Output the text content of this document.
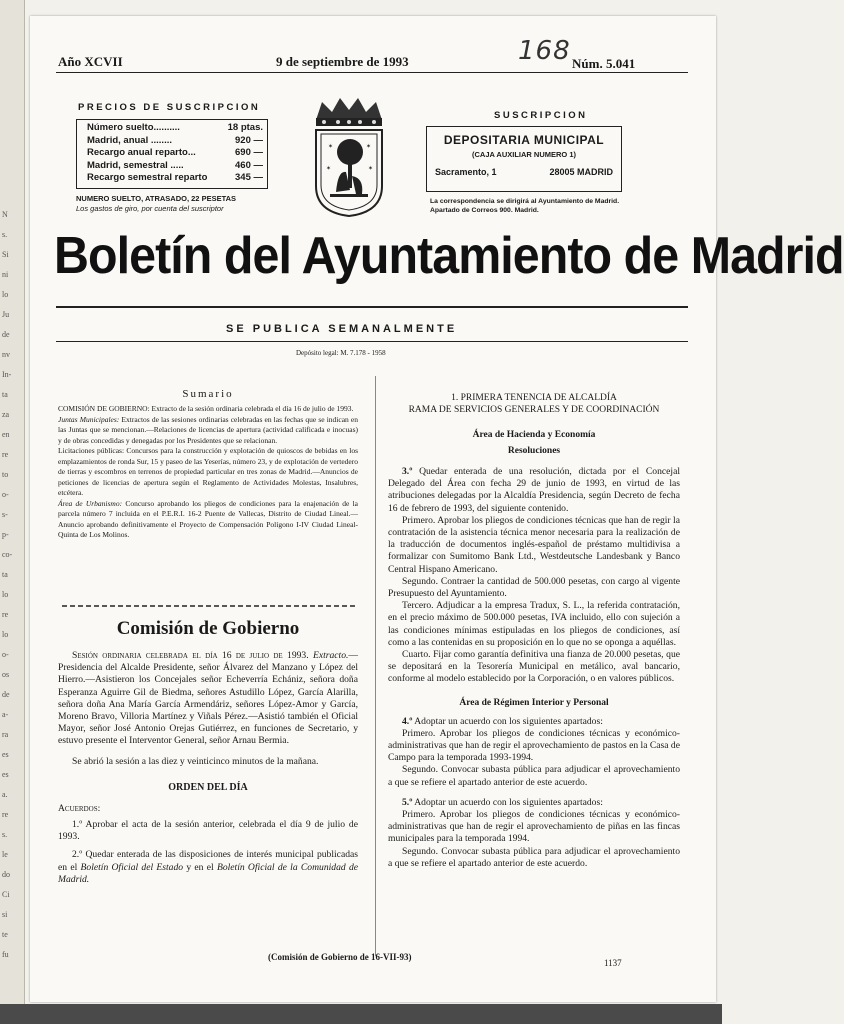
Año XCVII	9 de septiembre de 1993	168 Núm. 5.041
PRECIOS DE SUSCRIPCION
Número suelto..........	18 ptas.
Madrid, anual ........	920 —
Recargo anual reparto...	690 —
Madrid, semestral .....	460 —
Recargo semestral reparto	345 —
NUMERO SUELTO, ATRASADO, 22 PESETAS
Los gastos de giro, por cuenta del suscriptor
✶	✶
✶	✶
SUSCRIPCION
DEPOSITARIA MUNICIPAL
(CAJA AUXILIAR NUMERO 1)
Sacramento, 1	28005 MADRID
La correspondencia se dirigirá al Ayuntamiento de Madrid. Apartado de Correos 900. Madrid.
Boletín del Ayuntamiento de Madrid
SE PUBLICA SEMANALMENTE
Depósito legal: M. 7.178 - 1958
Sumario
COMISIÓN DE GOBIERNO: Extracto de la sesión ordinaria celebrada el día 16 de julio de 1993.
Juntas Municipales: Extractos de las sesiones ordinarias celebradas en las fechas que se indican en las Juntas que se mencionan.—Relaciones de licencias de apertura (actividad calificada e inocuas) y de obras concedidas y denegadas por los Presidentes que se relacionan.
Licitaciones públicas: Concursos para la construcción y explotación de quioscos de bebidas en los emplazamientos de ronda Sur, 15 y paseo de las Yeserías, número 23, y de explotación de vertedero de tierras y escombros en terrenos de propiedad particular en tres zonas de Madrid.—Anuncios de peticiones de licencias de apertura según el Reglamento de Actividades Molestas, Insalubres, etcétera.
Área de Urbanismo: Concurso aprobando los pliegos de condiciones para la enajenación de la parcela número 7 incluida en el P.E.R.I. 16-2 Puente de Vallecas, Distrito de Ciudad Lineal.—Anuncio aprobando definitivamente el Proyecto de Compensación Polígono I-IV Ciudad Lineal-Quinta de Los Molinos.
Comisión de Gobierno

Sesión ordinaria celebrada el día 16 de julio de 1993. Extracto.—Presidencia del Alcalde Presidente, señor Álvarez del Manzano y López del Hierro.—Asistieron los Concejales señor Echeverría Echániz, señora doña Esperanza Aguirre Gil de Biedma, señores Astudillo López, García Alarilla, señora doña Ana María García Armendáriz, señores López-Amor y García, Moreno Bravo, Villoria Martínez y Viñals Pérez.—Asistió también el Oficial Mayor, señor José Antonio Orejas Gutiérrez, en funciones de Secretario, y estuvo presente el Interventor General, señor Arnau Bermia.

Se abrió la sesión a las diez y veinticinco minutos de la mañana.

ORDEN DEL DÍA

Acuerdos:

1.º Aprobar el acta de la sesión anterior, celebrada el día 9 de julio de 1993.

2.º Quedar enterada de las disposiciones de interés municipal publicadas en el Boletín Oficial del Estado y en el Boletín Oficial de la Comunidad de Madrid.

1. PRIMERA TENENCIA DE ALCALDÍA
RAMA DE SERVICIOS GENERALES Y DE COORDINACIÓN
Área de Hacienda y Economía
Resoluciones

3.º Quedar enterada de una resolución, dictada por el Concejal Delegado del Área con fecha 29 de junio de 1993, en virtud de las atribuciones delegadas por la Alcaldía Presidencia, según Decreto de fecha 16 de febrero de 1993, del siguiente contenido.

Primero. Aprobar los pliegos de condiciones técnicas que han de regir la contratación de la asistencia técnica menor necesaria para la realización de la traducción de documentos inglés-español de préstamo multidivisa a formalizar con Sumitomo Bank Ltd., Westdeutsche Landesbank y Banco Central Hispano Americano.

Segundo. Contraer la cantidad de 500.000 pesetas, con cargo al vigente Presupuesto del Ayuntamiento.

Tercero. Adjudicar a la empresa Tradux, S. L., la referida contratación, en el precio máximo de 500.000 pesetas, IVA incluido, ello con sujeción a las condiciones mínimas estipuladas en los pliegos de condiciones, así como a las contenidas en su proposición en lo que no se oponga a aquéllas.

Cuarto. Fijar como garantía definitiva una fianza de 20.000 pesetas, que se depositará en la Tesorería Municipal en metálico, aval bancario, conforme al modelo establecido por la Corporación, o en valores públicos.

Área de Régimen Interior y Personal

4.º Adoptar un acuerdo con los siguientes apartados:

Primero. Aprobar los pliegos de condiciones técnicas y económico-administrativas que han de regir el aprovechamiento de pastos en la Casa de Campo para la temporada 1993-1994.

Segundo. Convocar subasta pública para adjudicar el aprovechamiento a que se refiere el apartado anterior de este acuerdo.

5.º Adoptar un acuerdo con los siguientes apartados:

Primero. Aprobar los pliegos de condiciones técnicas y económico-administrativas que han de regir el aprovechamiento de piñas en las fincas municipales para la temporada 1994.

Segundo. Convocar subasta pública para adjudicar el aprovechamiento a que se refiere el apartado anterior de este acuerdo.

(Comisión de Gobierno de 16-VII-93)
1137
N
s.
Si
ni
lo
Ju
de
nv
In-
ta
za
en
re
to
o-
s-
p-
co-
ta
lo
re
lo
o-
os
de
a-
ra
es
es
a.
re
s.
le
do
Ci
si
te
fu
